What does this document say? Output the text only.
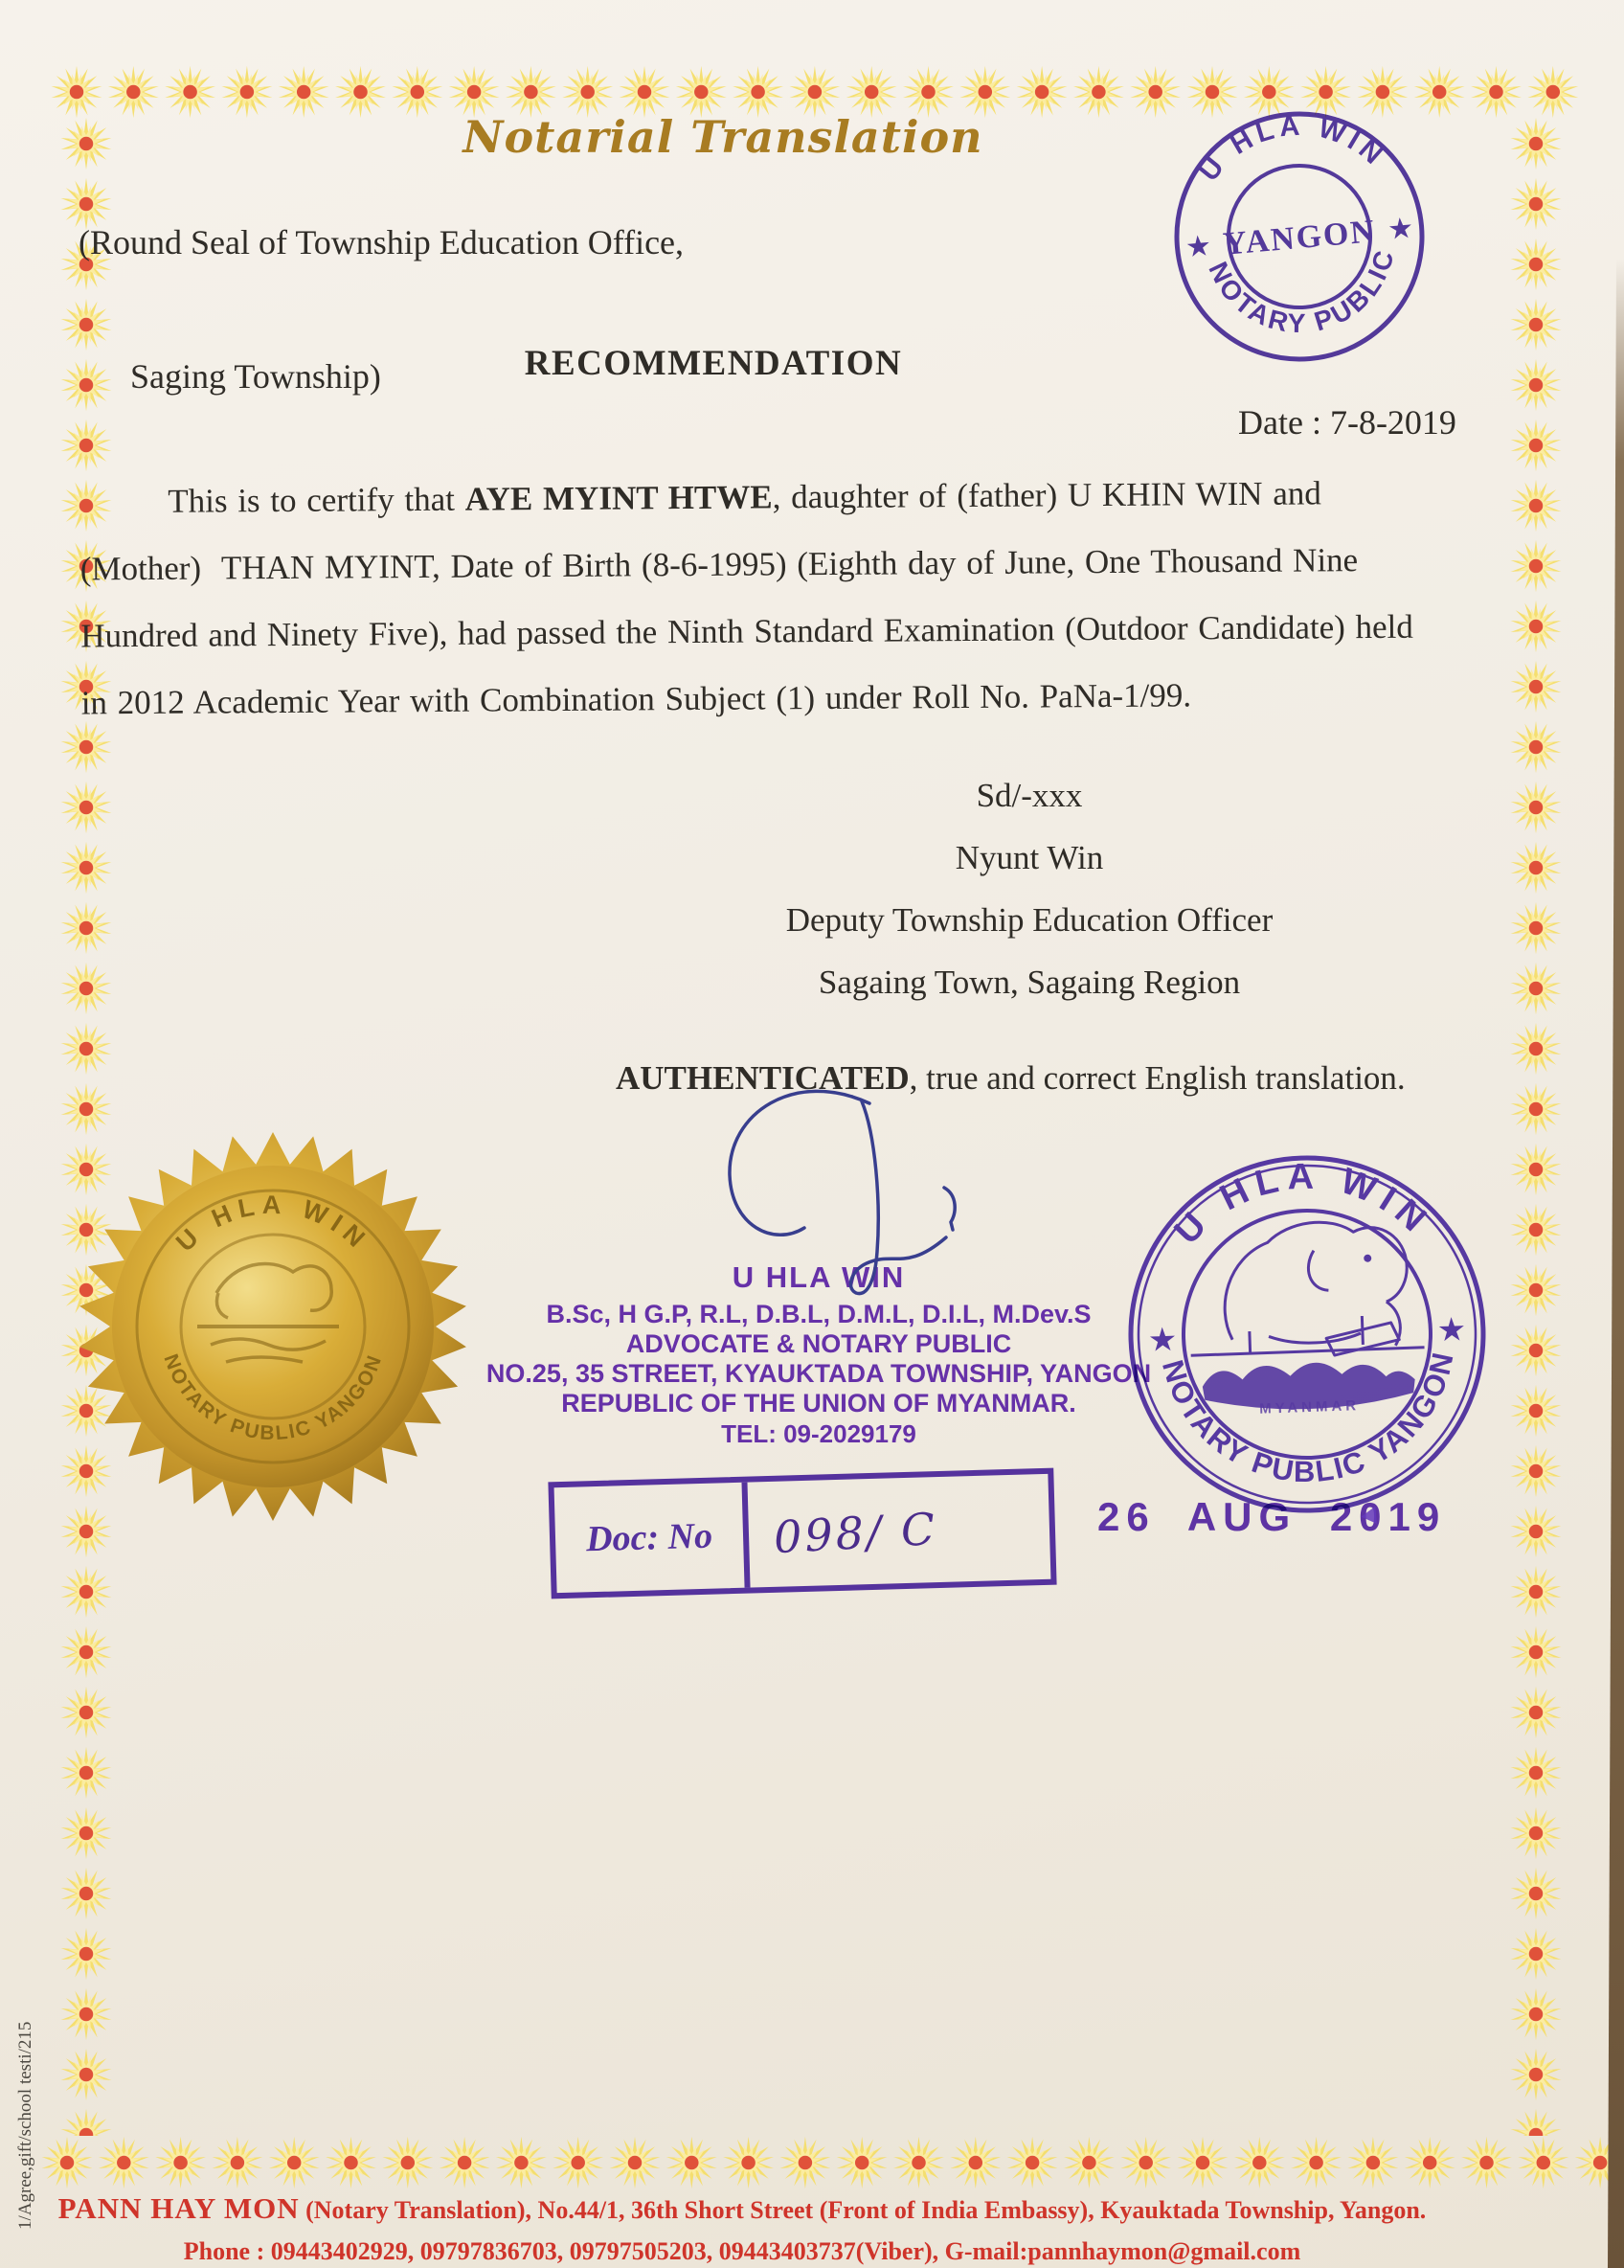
Notarial Translation
(Round Seal of Township Education Office,

Saging Township)
	RECOMMENDATION
Date : 7-8-2019
This is to certify that AYE MYINT HTWE, daughter of (father) U KHIN WIN and
(Mother)  THAN MYINT, Date of Birth (8-6-1995) (Eighth day of June, One Thousand Nine
Hundred and Ninety Five), had passed the Ninth Standard Examination (Outdoor Candidate) held
in 2012 Academic Year with Combination Subject (1) under Roll No. PaNa-1/99.
Sd/-xxx
Nyunt Win
Deputy Township Education Officer
Sagaing Town, Sagaing Region
AUTHENTICATED, true and correct English translation.
PANN HAY MON (Notary Translation), No.44/1, 36th Short Street (Front of India Embassy), Kyauktada Township, Yangon.
Phone : 09443402929, 09797836703, 09797505203, 09443403737(Viber), G-mail:pannhaymon@gmail.com
1/Agree,gift/school testi/215
U HLA WIN
NOTARY PUBLIC
★
★
YANGON
U HLA WIN
NOTARY PUBLIC YANGON
U HLA WIN
B.Sc, H G.P, R.L, D.B.L, D.M.L, D.I.L, M.Dev.S
ADVOCATE & NOTARY PUBLIC
NO.25, 35 STREET, KYAUKTADA TOWNSHIP, YANGON
REPUBLIC OF THE UNION OF MYANMAR.
TEL: 09-2029179
Doc: No	098/ C	26 AUG 2019
U HLA WIN
NOTARY PUBLIC YANGON
★	★
MYANMAR
